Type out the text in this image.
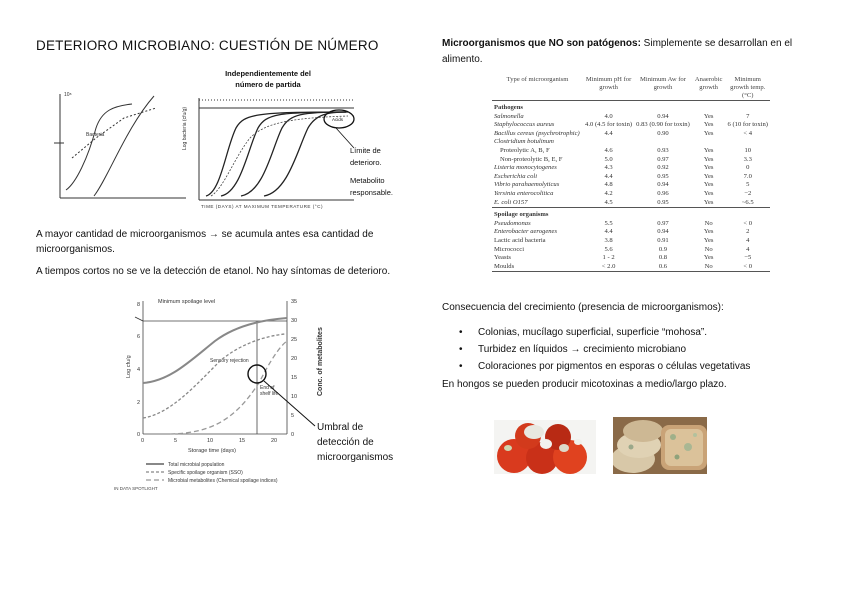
DETERIORO MICROBIANO: CUESTIÓN DE NÚMERO
Bacteria
10⁸
Acids
Log bacteria (cfu/g)
TIME (DAYS) AT MAXIMUM TEMPERATURE (°C)
Independientemente del
número de partida
Límite de
deterioro.
Metabolito
responsable.
A mayor cantidad de microorganismos → se acumula antes esa cantidad de microorganismos.
A tiempos cortos no se ve la detección de etanol. No hay síntomas de deterioro.
0
2
4
6
8
0	5	10	15	20
0
5
10
15
20
25
30
35
Minimum spoilage level
Sensory rejection
End of
shelf life
Log cfu/g	Conc. of metabolites
Storage time (days)
Total microbial population
Specific spoilage organism (SSO)
Microbial metabolites (Chemical spoilage indices)
IN DATA SPOTLIGHT
Umbral de
detección de
microorganismos
Microorganismos que NO son patógenos: Simplemente se desarrollan en el alimento.
Type of microorganism	Minimum pH for growth	Minimum Aw for growth	Anaerobic growth	Minimum growth temp. (°C)
Pathogens				
Salmonella	4.0	0.94	Yes	7
Staphylococcus aureus	4.0 (4.5 for toxin)	0.83 (0.90 for toxin)	Yes	6 (10 for toxin)
Bacillus cereus (psychrotrophic)	4.4	0.90	Yes	< 4
Clostridium botulinum				
Proteolytic A, B, F	4.6	0.93	Yes	10
Non-proteolytic B, E, F	5.0	0.97	Yes	3.3
Listeria monocytogenes	4.3	0.92	Yes	0
Escherichia coli	4.4	0.95	Yes	7.0
Vibrio parahaemolyticus	4.8	0.94	Yes	5
Yersinia enterocolitica	4.2	0.96	Yes	−2
E. coli O157	4.5	0.95	Yes	~6.5
Spoilage organisms				
Pseudomonas	5.5	0.97	No	< 0
Enterobacter aerogenes	4.4	0.94	Yes	2
Lactic acid bacteria	3.8	0.91	Yes	4
Micrococci	5.6	0.9	No	4
Yeasts	1 - 2	0.8	Yes	−5
Moulds	< 2.0	0.6	No	< 0
Consecuencia del crecimiento (presencia de microorganismos):
• Colonias, mucílago superficial, superficie “mohosa”.
• Turbidez en líquidos → crecimiento microbiano
• Coloraciones por pigmentos en esporas o células vegetativas
En hongos se pueden producir micotoxinas a medio/largo plazo.
